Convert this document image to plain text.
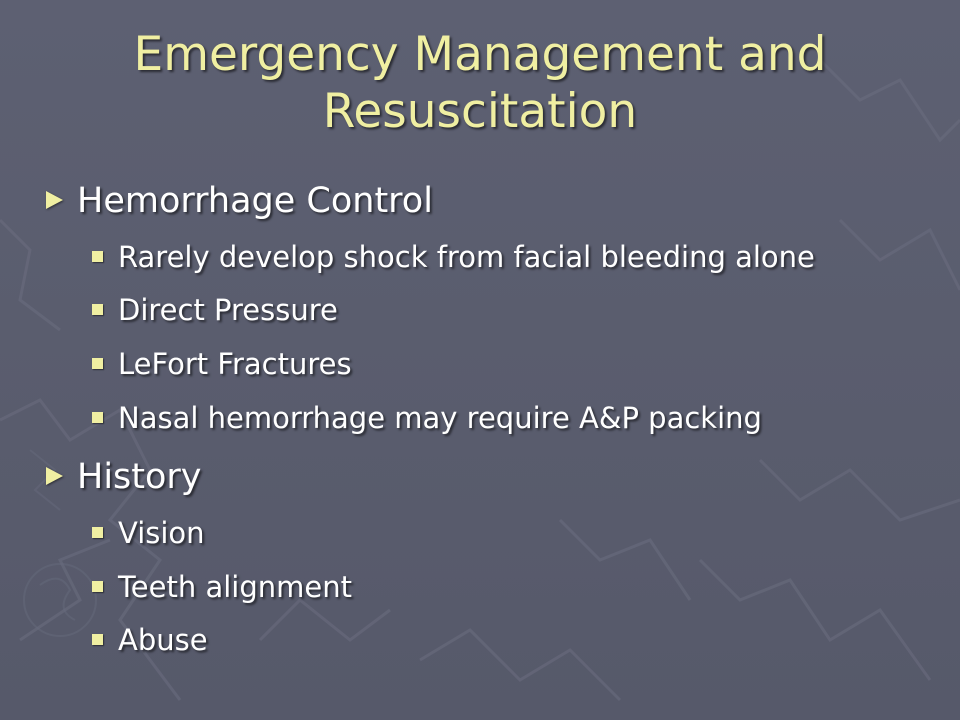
Emergency Management and
Resuscitation
Hemorrhage Control
Rarely develop shock from facial bleeding alone
Direct Pressure
LeFort Fractures
Nasal hemorrhage may require A&P packing
History
Vision
Teeth alignment
Abuse
